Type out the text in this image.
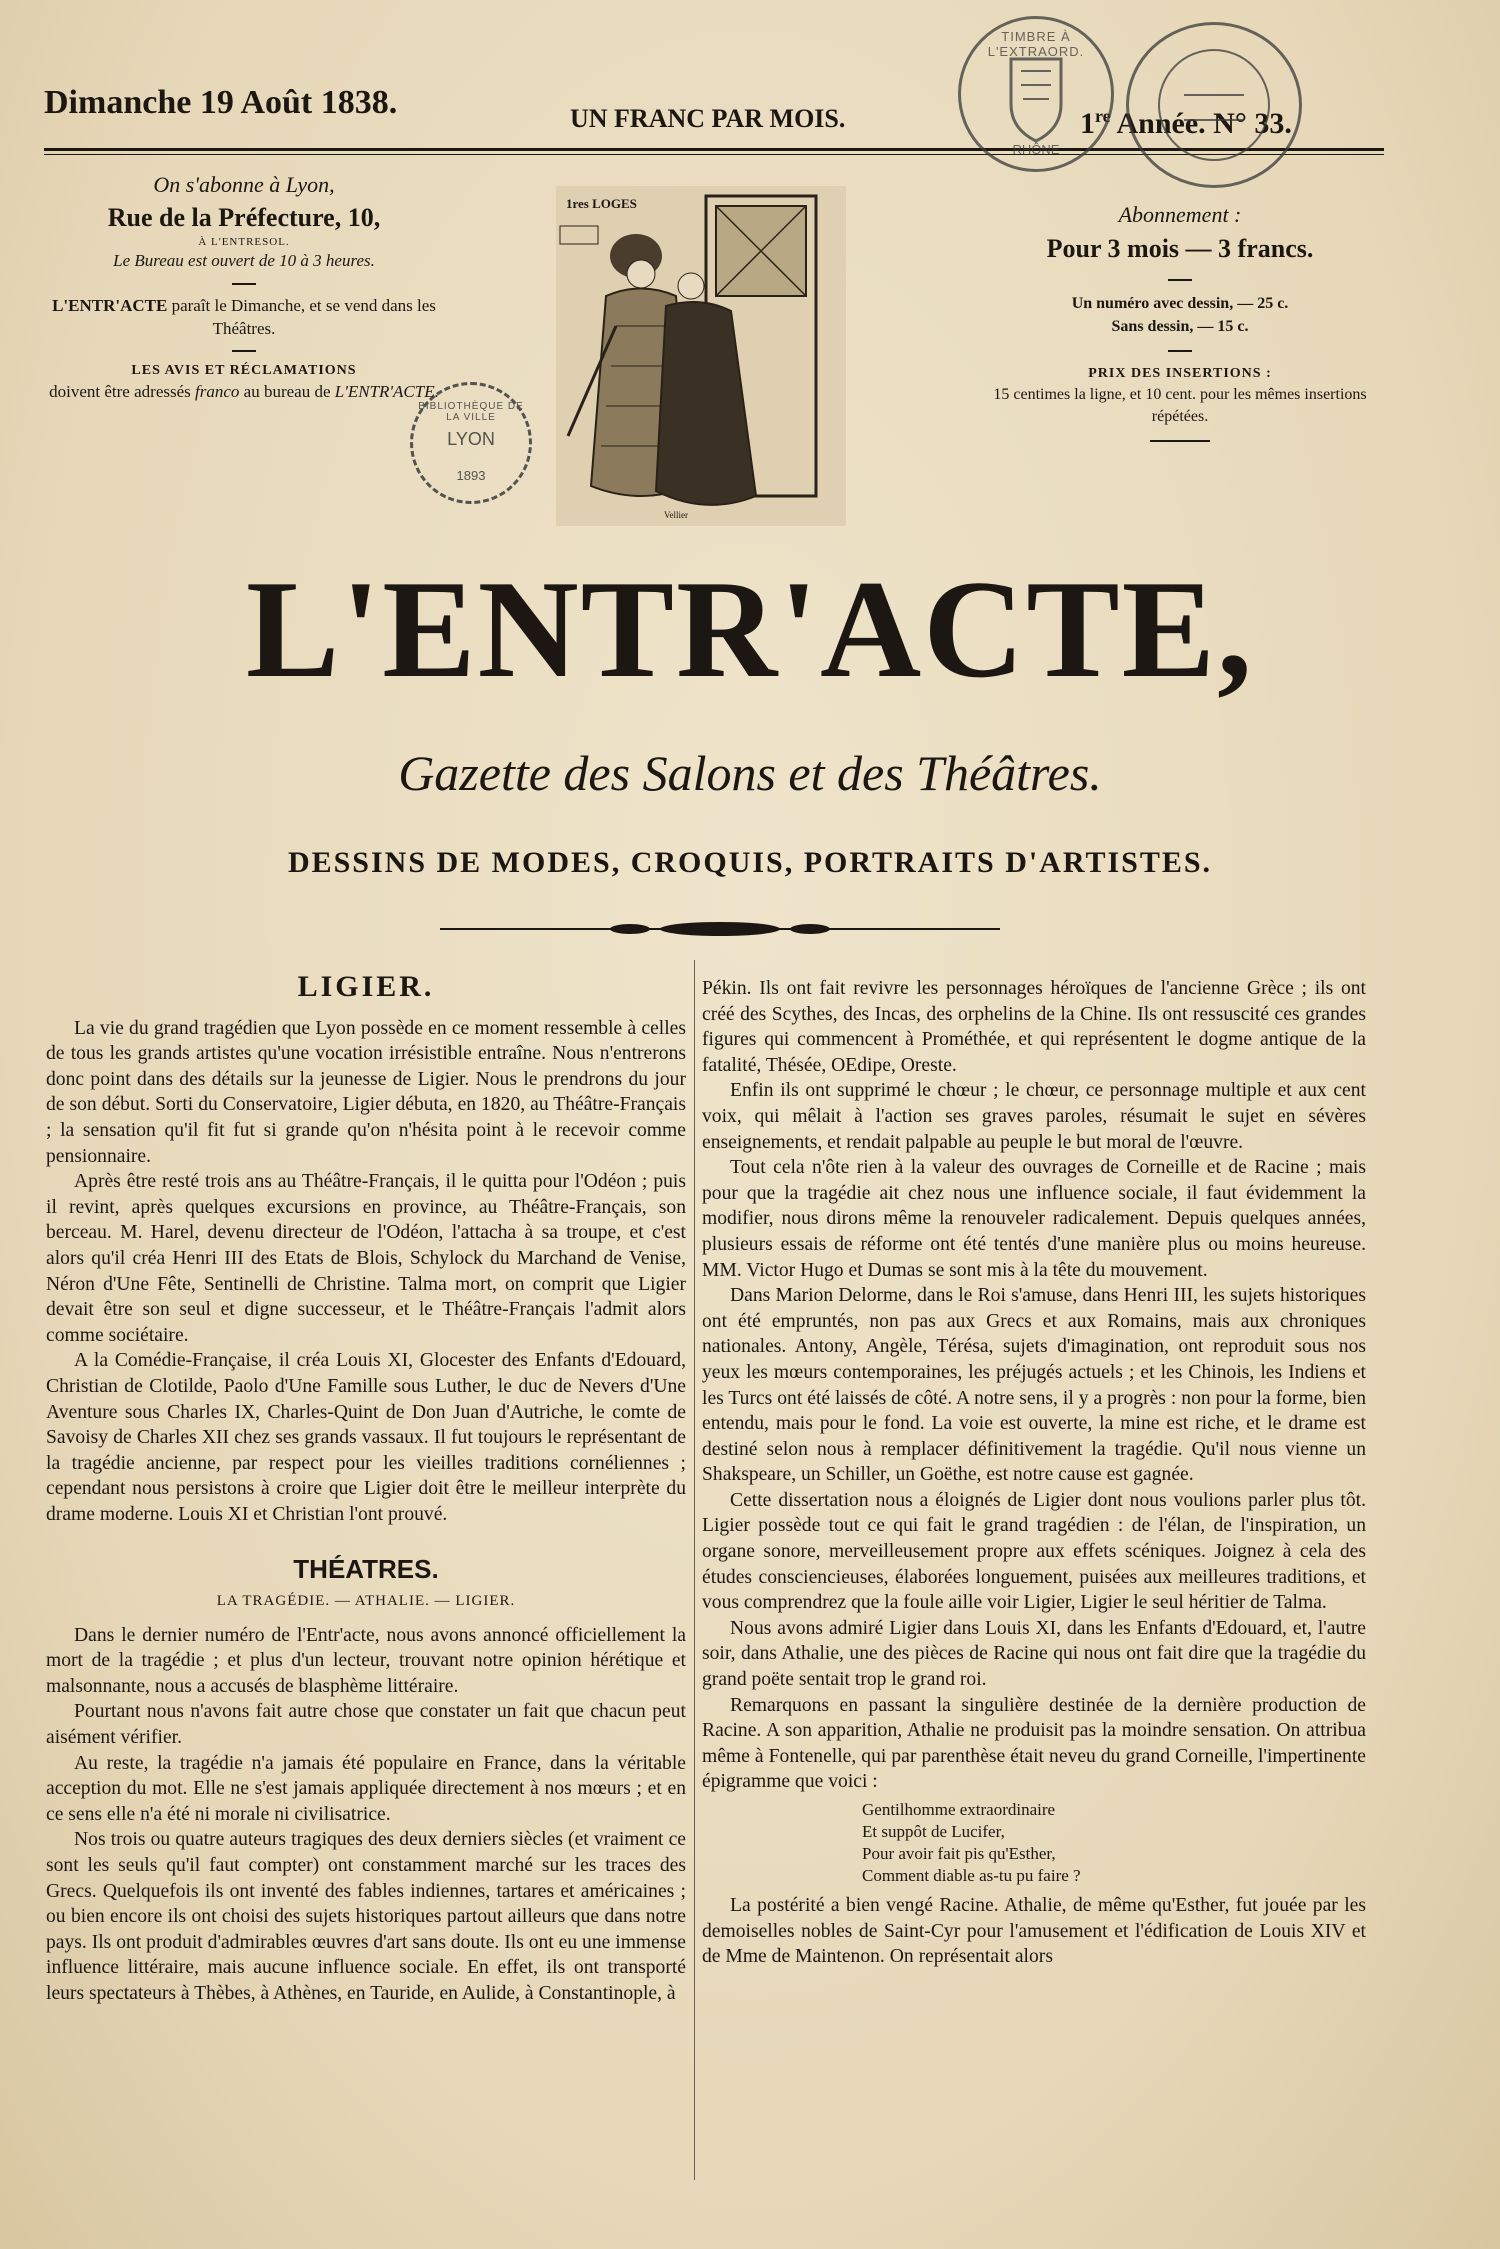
Dimanche 19 Août 1838.	UN FRANC PAR MOIS.	1re Année. N° 33.
TIMBRE À L'EXTRAORD.
RHÔNE
BIBLIOTHÈQUE DE LA VILLE
LYON
1893
On s'abonne à Lyon,
Rue de la Préfecture, 10,
À L'ENTRESOL.
Le Bureau est ouvert de 10 à 3 heures.
L'ENTR'ACTE paraît le Dimanche, et se vend dans les Théâtres.
LES AVIS ET RÉCLAMATIONS
doivent être adressés franco au bureau de L'ENTR'ACTE.
1res LOGES
Vellier
Abonnement :
Pour 3 mois — 3 francs.
Un numéro avec dessin, — 25 c.
Sans dessin, — 15 c.
PRIX DES INSERTIONS :
15 centimes la ligne, et 10 cent. pour les mêmes insertions répétées.
L'ENTR'ACTE,
Gazette des Salons et des Théâtres.
DESSINS DE MODES, CROQUIS, PORTRAITS D'ARTISTES.
LIGIER.

La vie du grand tragédien que Lyon possède en ce moment ressemble à celles de tous les grands artistes qu'une vocation irrésistible entraîne. Nous n'entrerons donc point dans des détails sur la jeunesse de Ligier. Nous le prendrons du jour de son début. Sorti du Conservatoire, Ligier débuta, en 1820, au Théâtre-Français ; la sensation qu'il fit fut si grande qu'on n'hésita point à le recevoir comme pensionnaire.

Après être resté trois ans au Théâtre-Français, il le quitta pour l'Odéon ; puis il revint, après quelques excursions en province, au Théâtre-Français, son berceau. M. Harel, devenu directeur de l'Odéon, l'attacha à sa troupe, et c'est alors qu'il créa Henri III des Etats de Blois, Schylock du Marchand de Venise, Néron d'Une Fête, Sentinelli de Christine. Talma mort, on comprit que Ligier devait être son seul et digne successeur, et le Théâtre-Français l'admit alors comme sociétaire.

A la Comédie-Française, il créa Louis XI, Glocester des Enfants d'Edouard, Christian de Clotilde, Paolo d'Une Famille sous Luther, le duc de Nevers d'Une Aventure sous Charles IX, Charles-Quint de Don Juan d'Autriche, le comte de Savoisy de Charles XII chez ses grands vassaux. Il fut toujours le représentant de la tragédie ancienne, par respect pour les vieilles traditions cornéliennes ; cependant nous persistons à croire que Ligier doit être le meilleur interprète du drame moderne. Louis XI et Christian l'ont prouvé.

THÉATRES.
LA TRAGÉDIE. — ATHALIE. — LIGIER.

Dans le dernier numéro de l'Entr'acte, nous avons annoncé officiellement la mort de la tragédie ; et plus d'un lecteur, trouvant notre opinion hérétique et malsonnante, nous a accusés de blasphème littéraire.

Pourtant nous n'avons fait autre chose que constater un fait que chacun peut aisément vérifier.

Au reste, la tragédie n'a jamais été populaire en France, dans la véritable acception du mot. Elle ne s'est jamais appliquée directement à nos mœurs ; et en ce sens elle n'a été ni morale ni civilisatrice.

Nos trois ou quatre auteurs tragiques des deux derniers siècles (et vraiment ce sont les seuls qu'il faut compter) ont constamment marché sur les traces des Grecs. Quelquefois ils ont inventé des fables indiennes, tartares et américaines ; ou bien encore ils ont choisi des sujets historiques partout ailleurs que dans notre pays. Ils ont produit d'admirables œuvres d'art sans doute. Ils ont eu une immense influence littéraire, mais aucune influence sociale. En effet, ils ont transporté leurs spectateurs à Thèbes, à Athènes, en Tauride, en Aulide, à Constantinople, à

Pékin. Ils ont fait revivre les personnages héroïques de l'ancienne Grèce ; ils ont créé des Scythes, des Incas, des orphelins de la Chine. Ils ont ressuscité ces grandes figures qui commencent à Prométhée, et qui représentent le dogme antique de la fatalité, Thésée, OEdipe, Oreste.

Enfin ils ont supprimé le chœur ; le chœur, ce personnage multiple et aux cent voix, qui mêlait à l'action ses graves paroles, résumait le sujet en sévères enseignements, et rendait palpable au peuple le but moral de l'œuvre.

Tout cela n'ôte rien à la valeur des ouvrages de Corneille et de Racine ; mais pour que la tragédie ait chez nous une influence sociale, il faut évidemment la modifier, nous dirons même la renouveler radicalement. Depuis quelques années, plusieurs essais de réforme ont été tentés d'une manière plus ou moins heureuse. MM. Victor Hugo et Dumas se sont mis à la tête du mouvement.

Dans Marion Delorme, dans le Roi s'amuse, dans Henri III, les sujets historiques ont été empruntés, non pas aux Grecs et aux Romains, mais aux chroniques nationales. Antony, Angèle, Térésa, sujets d'imagination, ont reproduit sous nos yeux les mœurs contemporaines, les préjugés actuels ; et les Chinois, les Indiens et les Turcs ont été laissés de côté. A notre sens, il y a progrès : non pour la forme, bien entendu, mais pour le fond. La voie est ouverte, la mine est riche, et le drame est destiné selon nous à remplacer définitivement la tragédie. Qu'il nous vienne un Shakspeare, un Schiller, un Goëthe, est notre cause est gagnée.

Cette dissertation nous a éloignés de Ligier dont nous voulions parler plus tôt. Ligier possède tout ce qui fait le grand tragédien : de l'élan, de l'inspiration, un organe sonore, merveilleusement propre aux effets scéniques. Joignez à cela des études consciencieuses, élaborées longuement, puisées aux meilleures traditions, et vous comprendrez que la foule aille voir Ligier, Ligier le seul héritier de Talma.

Nous avons admiré Ligier dans Louis XI, dans les Enfants d'Edouard, et, l'autre soir, dans Athalie, une des pièces de Racine qui nous ont fait dire que la tragédie du grand poëte sentait trop le grand roi.

Remarquons en passant la singulière destinée de la dernière production de Racine. A son apparition, Athalie ne produisit pas la moindre sensation. On attribua même à Fontenelle, qui par parenthèse était neveu du grand Corneille, l'impertinente épigramme que voici :

Gentilhomme extraordinaire
Et suppôt de Lucifer,
Pour avoir fait pis qu'Esther,
Comment diable as-tu pu faire ?

La postérité a bien vengé Racine. Athalie, de même qu'Esther, fut jouée par les demoiselles nobles de Saint-Cyr pour l'amusement et l'édification de Louis XIV et de Mme de Maintenon. On représentait alors
